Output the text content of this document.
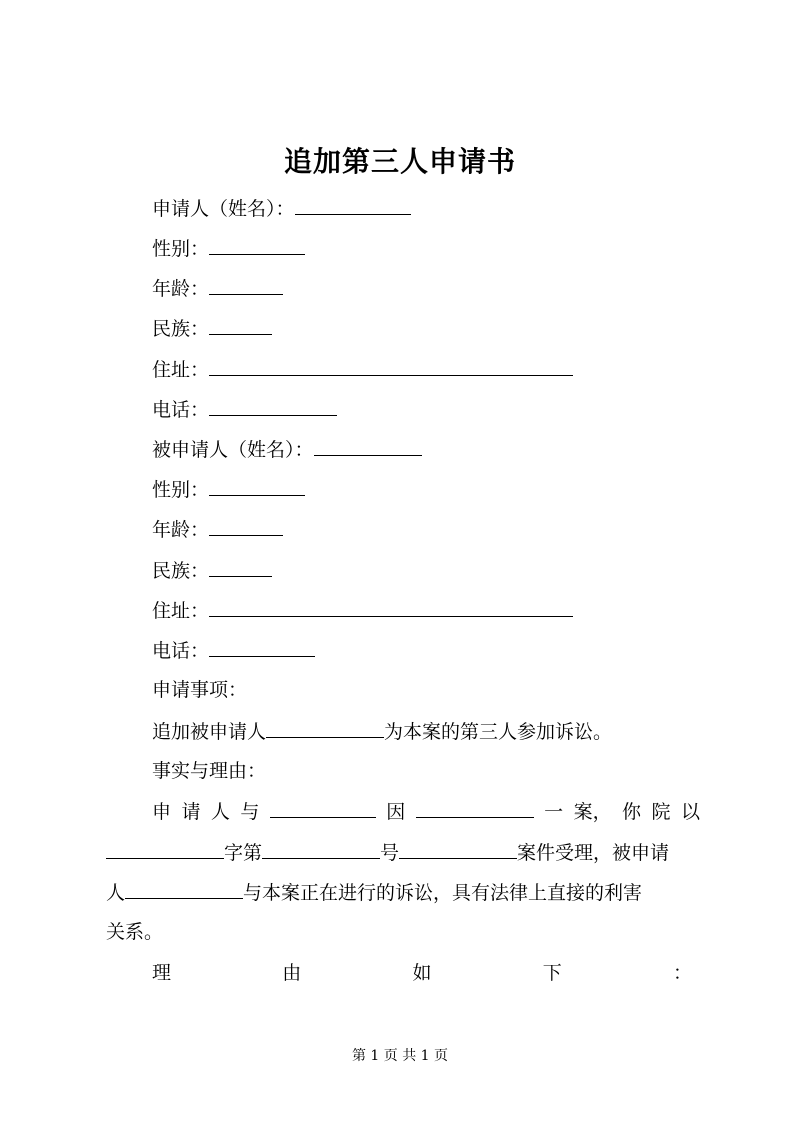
追加第三人申请书
申请人（姓名）：
性别：
年龄：
民族：
住址：
电话：
被申请人（姓名）：
性别：
年龄：
民族：
住址：
电话：
申请事项：
追加被申请人	为本案的第三人参加诉讼。
事实与理由：
申 请 人 与	因	一 案， 你 院 以
字第	号	案件受理，被申请
人	与本案正在进行的诉讼，具有法律上直接的利害
关系。
理	由	如	下	：
第 1 页 共 1 页
